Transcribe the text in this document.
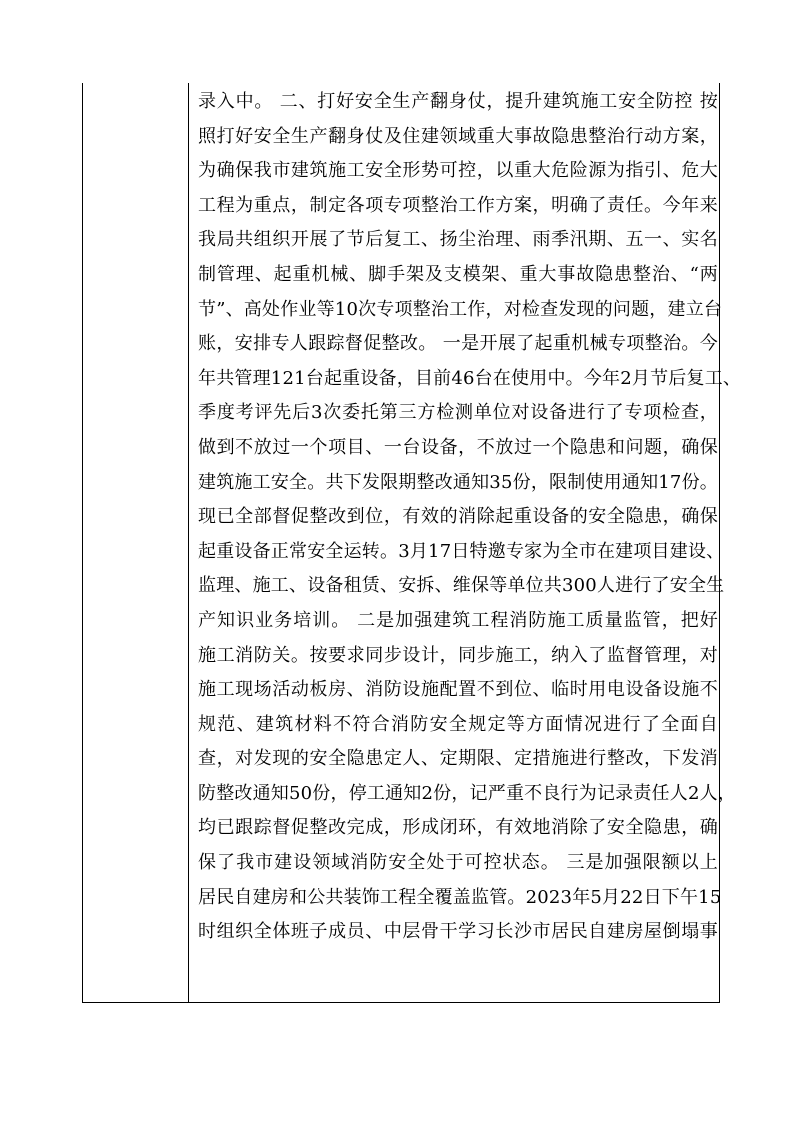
录入中。 二、打好安全生产翻身仗，提升建筑施工安全防控 按
照打好安全生产翻身仗及住建领域重大事故隐患整治行动方案，
为确保我市建筑施工安全形势可控，以重大危险源为指引、危大
工程为重点，制定各项专项整治工作方案，明确了责任。今年来
我局共组织开展了节后复工、扬尘治理、雨季汛期、五一、实名
制管理、起重机械、脚手架及支模架、重大事故隐患整治、“两
节”、高处作业等10次专项整治工作，对检查发现的问题，建立台
账，安排专人跟踪督促整改。 一是开展了起重机械专项整治。今
年共管理121台起重设备，目前46台在使用中。今年2月节后复工、
季度考评先后3次委托第三方检测单位对设备进行了专项检查，
做到不放过一个项目、一台设备，不放过一个隐患和问题，确保
建筑施工安全。共下发限期整改通知35份，限制使用通知17份。
现已全部督促整改到位，有效的消除起重设备的安全隐患，确保
起重设备正常安全运转。3月17日特邀专家为全市在建项目建设、
监理、施工、设备租赁、安拆、维保等单位共300人进行了安全生
产知识业务培训。 二是加强建筑工程消防施工质量监管，把好
施工消防关。按要求同步设计，同步施工，纳入了监督管理，对
施工现场活动板房、消防设施配置不到位、临时用电设备设施不
规范、建筑材料不符合消防安全规定等方面情况进行了全面自
查，对发现的安全隐患定人、定期限、定措施进行整改，下发消
防整改通知50份，停工通知2份，记严重不良行为记录责任人2人，
均已跟踪督促整改完成，形成闭环，有效地消除了安全隐患，确
保了我市建设领域消防安全处于可控状态。 三是加强限额以上
居民自建房和公共装饰工程全覆盖监管。2023年5月22日下午15
时组织全体班子成员、中层骨干学习长沙市居民自建房屋倒塌事
